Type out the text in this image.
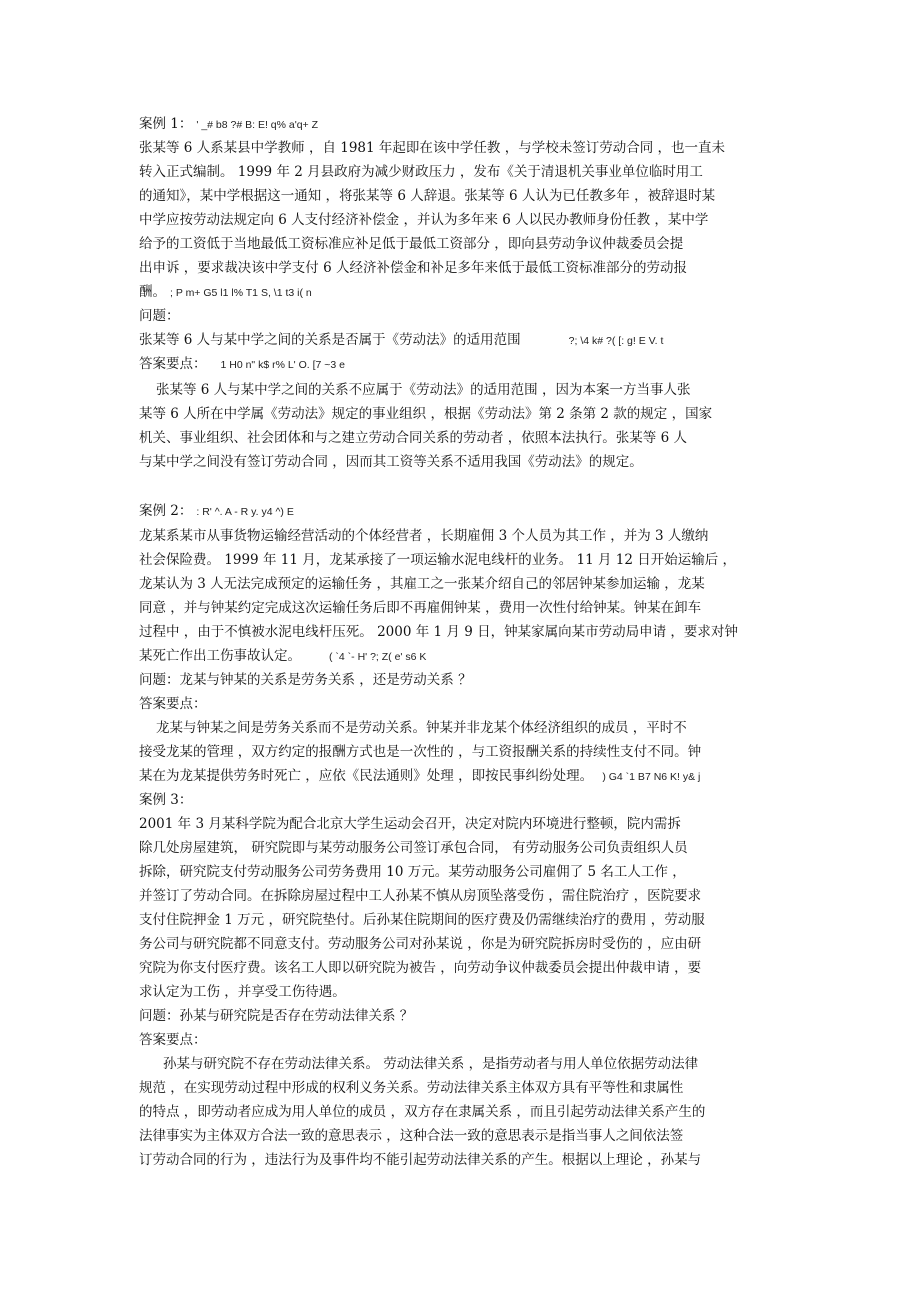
案例 1： ' _# b8 ?# B: E! q% a'q+ Z
张某等 6 人系某县中学教师 ，自 1981 年起即在该中学任教 ，与学校未签订劳动合同 ，也一直未
转入正式编制。 1999 年 2 月县政府为减少财政压力 ，发布《关于清退机关事业单位临时用工
的通知》，某中学根据这一通知 ，将张某等 6 人辞退。张某等 6 人认为已任教多年 ，被辞退时某
中学应按劳动法规定向 6 人支付经济补偿金 ，并认为多年来 6 人以民办教师身份任教 ，某中学
给予的工资低于当地最低工资标准应补足低于最低工资部分 ，即向县劳动争议仲裁委员会提
出申诉 ，要求裁决该中学支付 6 人经济补偿金和补足多年来低于最低工资标准部分的劳动报
酬。 ; P m+ G5 l1 l% T1 S, \1 t3 i( n
问题：
张某等 6 人与某中学之间的关系是否属于《劳动法》的适用范围	?; \4 k# ?( [: g! E V. t
答案要点： 1 H0 n" k$ r% L' O. [7 ~3 e
张某等 6 人与某中学之间的关系不应属于《劳动法》的适用范围 ，因为本案一方当事人张
某等 6 人所在中学属《劳动法》规定的事业组织 ，根据《劳动法》第 2 条第 2 款的规定 ，国家
机关、事业组织、社会团体和与之建立劳动合同关系的劳动者 ，依照本法执行。张某等 6 人
与某中学之间没有签订劳动合同 ，因而其工资等关系不适用我国《劳动法》的规定。
案例 2： : R' ^. A - R y. y4 ^) E
龙某系某市从事货物运输经营活动的个体经营者 ，长期雇佣 3 个人员为其工作 ，并为 3 人缴纳
社会保险费。 1999 年 11 月，龙某承接了一项运输水泥电线杆的业务。 11 月 12 日开始运输后 ，
龙某认为 3 人无法完成预定的运输任务 ，其雇工之一张某介绍自己的邻居钟某参加运输 ，龙某
同意 ，并与钟某约定完成这次运输任务后即不再雇佣钟某 ，费用一次性付给钟某。钟某在卸车
过程中 ，由于不慎被水泥电线杆压死。 2000 年 1 月 9 日，钟某家属向某市劳动局申请 ，要求对钟
某死亡作出工伤事故认定。	( `4 `- H' ?; Z( e' s6 K
问题：龙某与钟某的关系是劳务关系 ，还是劳动关系 ？
答案要点：
龙某与钟某之间是劳务关系而不是劳动关系。钟某并非龙某个体经济组织的成员 ，平时不
接受龙某的管理 ，双方约定的报酬方式也是一次性的 ，与工资报酬关系的持续性支付不同。钟
某在为龙某提供劳务时死亡 ，应依《民法通则》处理 ，即按民事纠纷处理。 ) G4 `1 B7 N6 K! y& j
案例 3：
2001 年 3 月某科学院为配合北京大学生运动会召开，决定对院内环境进行整顿，院内需拆
除几处房屋建筑， 研究院即与某劳动服务公司签订承包合同， 有劳动服务公司负责组织人员
拆除，研究院支付劳动服务公司劳务费用 10 万元。某劳动服务公司雇佣了 5 名工人工作 ，
并签订了劳动合同。在拆除房屋过程中工人孙某不慎从房顶坠落受伤 ，需住院治疗 ，医院要求
支付住院押金 1 万元 ，研究院垫付。后孙某住院期间的医疗费及仍需继续治疗的费用 ，劳动服
务公司与研究院都不同意支付。劳动服务公司对孙某说 ，你是为研究院拆房时受伤的 ，应由研
究院为你支付医疗费。该名工人即以研究院为被告 ，向劳动争议仲裁委员会提出仲裁申请 ，要
求认定为工伤 ，并享受工伤待遇。
问题：孙某与研究院是否存在劳动法律关系 ？
答案要点：
孙某与研究院不存在劳动法律关系。 劳动法律关系 ，是指劳动者与用人单位依据劳动法律
规范 ，在实现劳动过程中形成的权利义务关系。劳动法律关系主体双方具有平等性和隶属性
的特点 ，即劳动者应成为用人单位的成员 ，双方存在隶属关系 ，而且引起劳动法律关系产生的
法律事实为主体双方合法一致的意思表示 ，这种合法一致的意思表示是指当事人之间依法签
订劳动合同的行为 ，违法行为及事件均不能引起劳动法律关系的产生。根据以上理论 ，孙某与
